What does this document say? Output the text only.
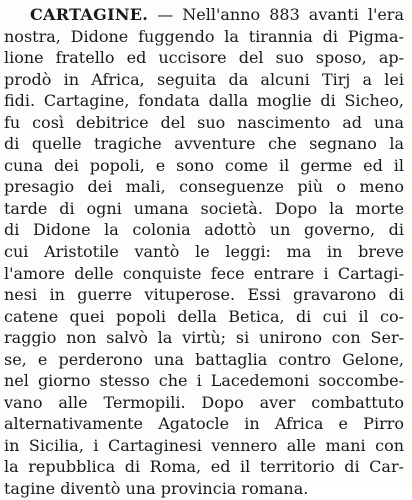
CARTAGINE. — Nell'anno 883 avanti l'era
nostra, Didone fuggendo la tirannia di Pigma-
lione fratello ed uccisore del suo sposo, ap-
prodò in Africa, seguita da alcuni Tirj a lei
fidi. Cartagine, fondata dalla moglie di Sicheo,
fu così debitrice del suo nascimento ad una
di quelle tragiche avventure che segnano la
cuna dei popoli, e sono come il germe ed il
presagio dei mali, conseguenze più o meno
tarde di ogni umana società. Dopo la morte
di Didone la colonia adottò un governo, di
cui Aristotile vantò le leggi: ma in breve
l'amore delle conquiste fece entrare i Cartagi-
nesi in guerre vituperose. Essi gravarono di
catene quei popoli della Betica, di cui il co-
raggio non salvò la virtù; si unirono con Ser-
se, e perderono una battaglia contro Gelone,
nel giorno stesso che i Lacedemoni soccombe-
vano alle Termopili. Dopo aver combattuto
alternativamente Agatocle in Africa e Pirro
in Sicilia, i Cartaginesi vennero alle mani con
la repubblica di Roma, ed il territorio di Car-
tagine diventò una provincia romana.
